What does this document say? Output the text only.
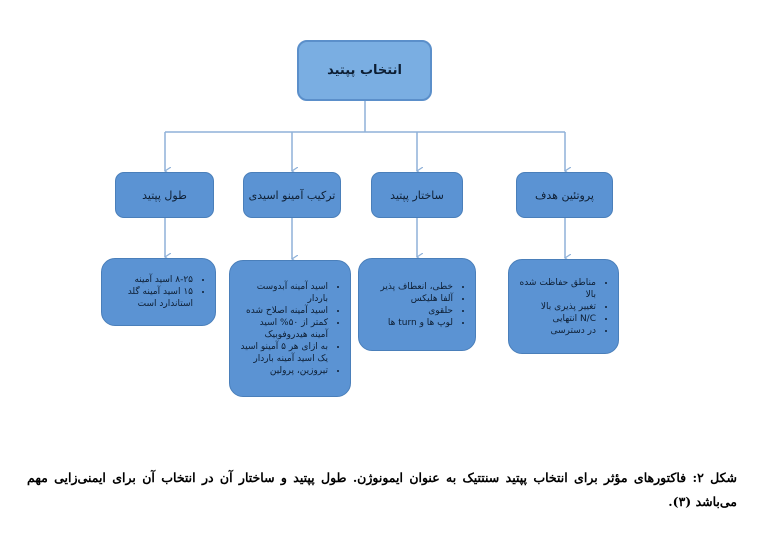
انتخاب پپتید
طول پپتید	ترکیب آمینو اسیدی	ساختار پپتید	پروتئین هدف
• ۸-۲۵ اسید آمینه
• ۱۵ اسید آمینه گلد استاندارد است
• اسید آمینه آبدوست باردار
• اسید آمینه اصلاح شده
• کمتر از ۵۰% اسید آمینه هیدروفوبیک
• به ازای هر ۵ آمینو اسید یک اسید آمینه باردار
• تیروزین، پرولین
• خطی، انعطاف پذیر
• آلفا هلیکس
• حلقوی
• لوپ ها و turn ها
• مناطق حفاظت شده بالا
• تغییر پذیری بالا
• N/C انتهایی
• در دسترسی
شکل ۲: فاکتورهای مؤثر برای انتخاب پپتید سنتتیک به عنوان ایمونوژن. طول پپتید و ساختار آن در انتخاب آن برای ایمنی‌زایی مهم می‌باشد (۳).
